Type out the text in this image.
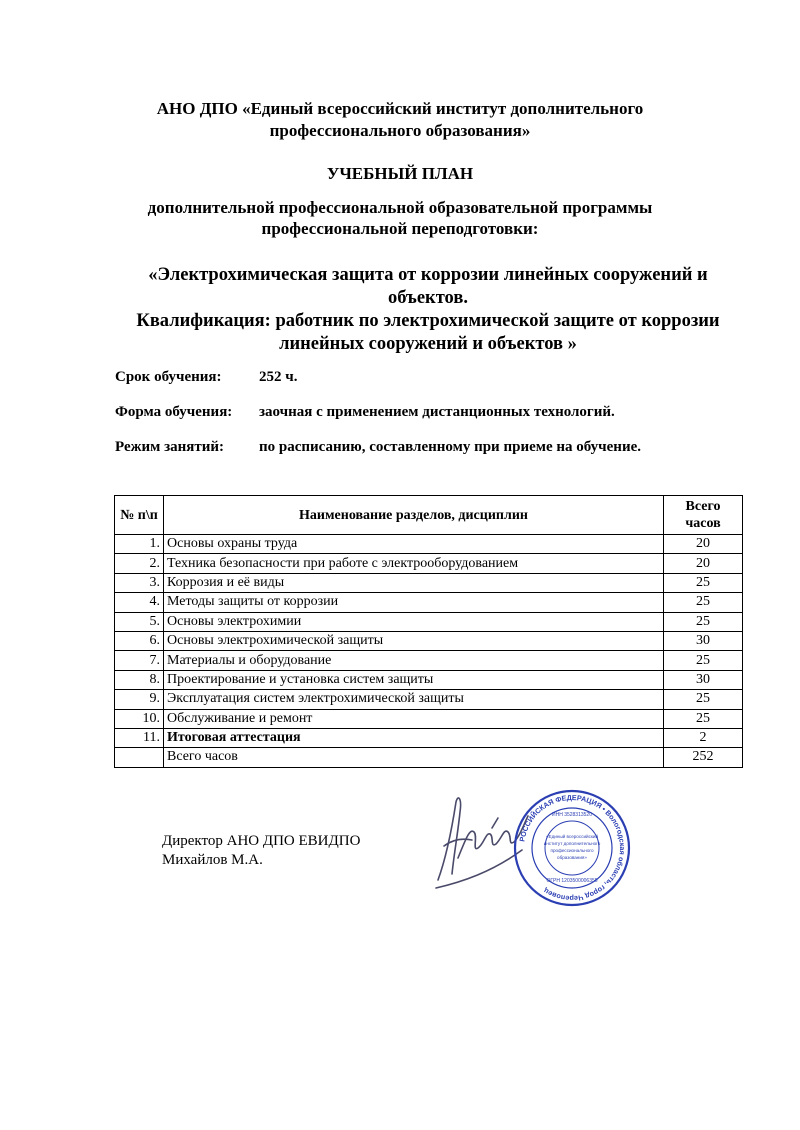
АНО ДПО «Единый всероссийский институт дополнительного
профессионального образования»
УЧЕБНЫЙ ПЛАН
дополнительной профессиональной образовательной программы
профессиональной переподготовки:
«Электрохимическая защита от коррозии линейных сооружений и
объектов.
Квалификация: работник по электрохимической защите от коррозии
линейных сооружений и объектов »
Срок обучения: 252 ч.
Форма обучения: заочная с применением дистанционных технологий.
Режим занятий: по расписанию, составленному при приеме на обучение.
№ п\п	Наименование разделов, дисциплин	Всего
часов

1.	Основы охраны труда	20
2.	Техника безопасности при работе с электрооборудованием	20
3.	Коррозия и её виды	25
4.	Методы защиты от коррозии	25
5.	Основы электрохимии	25
6.	Основы электрохимической защиты	30
7.	Материалы и оборудование	25
8.	Проектирование и установка систем защиты	30
9.	Эксплуатация систем электрохимической защиты	25
10.	Обслуживание и ремонт	25
11.	Итоговая аттестация	2
	Всего часов	252
Директор АНО ДПО ЕВИДПО
Михайлов М.А.
РОССИЙСКАЯ ФЕДЕРАЦИЯ • Вологодская область, город Череповец
ИНН 3528313520
«Единый всероссийский
институт дополнительного
профессионального
образования»
ОГРН 1203500006355
